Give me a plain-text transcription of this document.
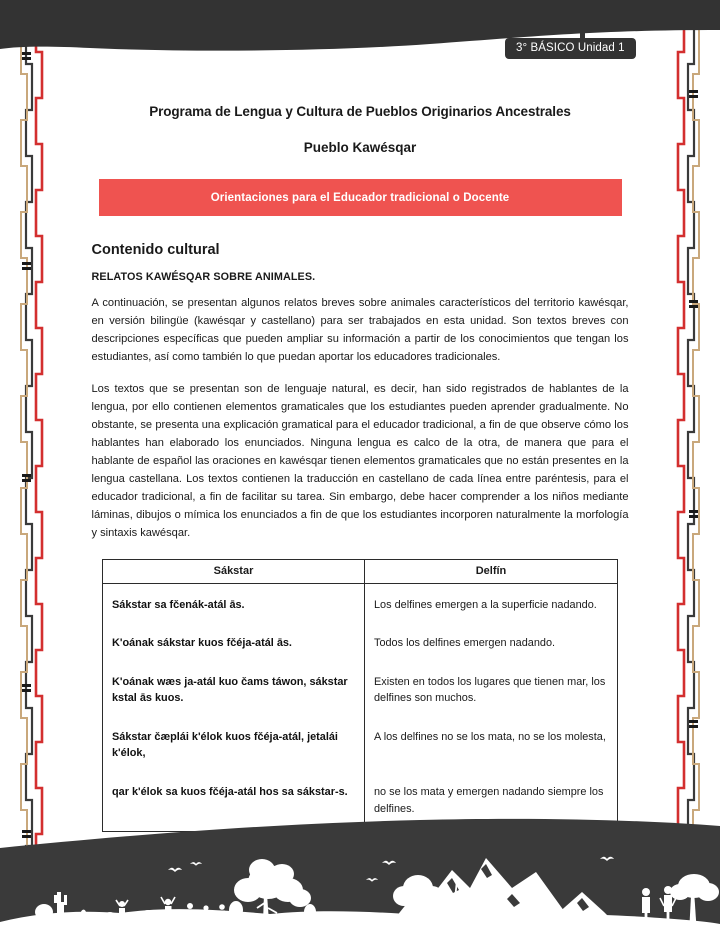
3° BÁSICO Unidad 1
Programa de Lengua y Cultura de Pueblos Originarios Ancestrales
Pueblo Kawésqar
Orientaciones para el Educador tradicional o Docente
Contenido cultural
RELATOS KAWÉSQAR SOBRE ANIMALES.

A continuación, se presentan algunos relatos breves sobre animales característicos del territorio kawésqar, en versión bilingüe (kawésqar y castellano) para ser trabajados en esta unidad. Son textos breves con descripciones específicas que pueden ampliar su información a partir de los conocimientos que tengan los estudiantes, así como también lo que puedan aportar los educadores tradicionales.

Los textos que se presentan son de lenguaje natural, es decir, han sido registrados de hablantes de la lengua, por ello contienen elementos gramaticales que los estudiantes pueden aprender gradualmente. No obstante, se presenta una explicación gramatical para el educador tradicional, a fin de que observe cómo los hablantes han elaborado los enunciados. Ninguna lengua es calco de la otra, de manera que para el hablante de español las oraciones en kawésqar tienen elementos gramaticales que no están presentes en la lengua castellana. Los textos contienen la traducción en castellano de cada línea entre paréntesis, para el educador tradicional, a fin de facilitar su tarea. Sin embargo, debe hacer comprender a los niños mediante láminas, dibujos o mímica los enunciados a fin de que los estudiantes incorporen naturalmente la morfología y sintaxis kawésqar.

Sákstar	Delfín
Sákstar sa fčenák-atál ās.	Los delfines emergen a la superficie nadando.
K'oának sákstar kuos fčéja-atál ās.	Todos los delfines emergen nadando.
K'oának wæs ja-atál kuo čams táwon, sákstar kstal ās kuos.	Existen en todos los lugares que tienen mar, los delfines son muchos.
Sákstar čæplái k'élok kuos fčéja-atál, jetalái k'élok,	A los delfines no se los mata, no se los molesta,
qar k'élok sa kuos fčéja-atál hos sa sákstar-s.	no se los mata y emergen nadando siempre los delfines.
